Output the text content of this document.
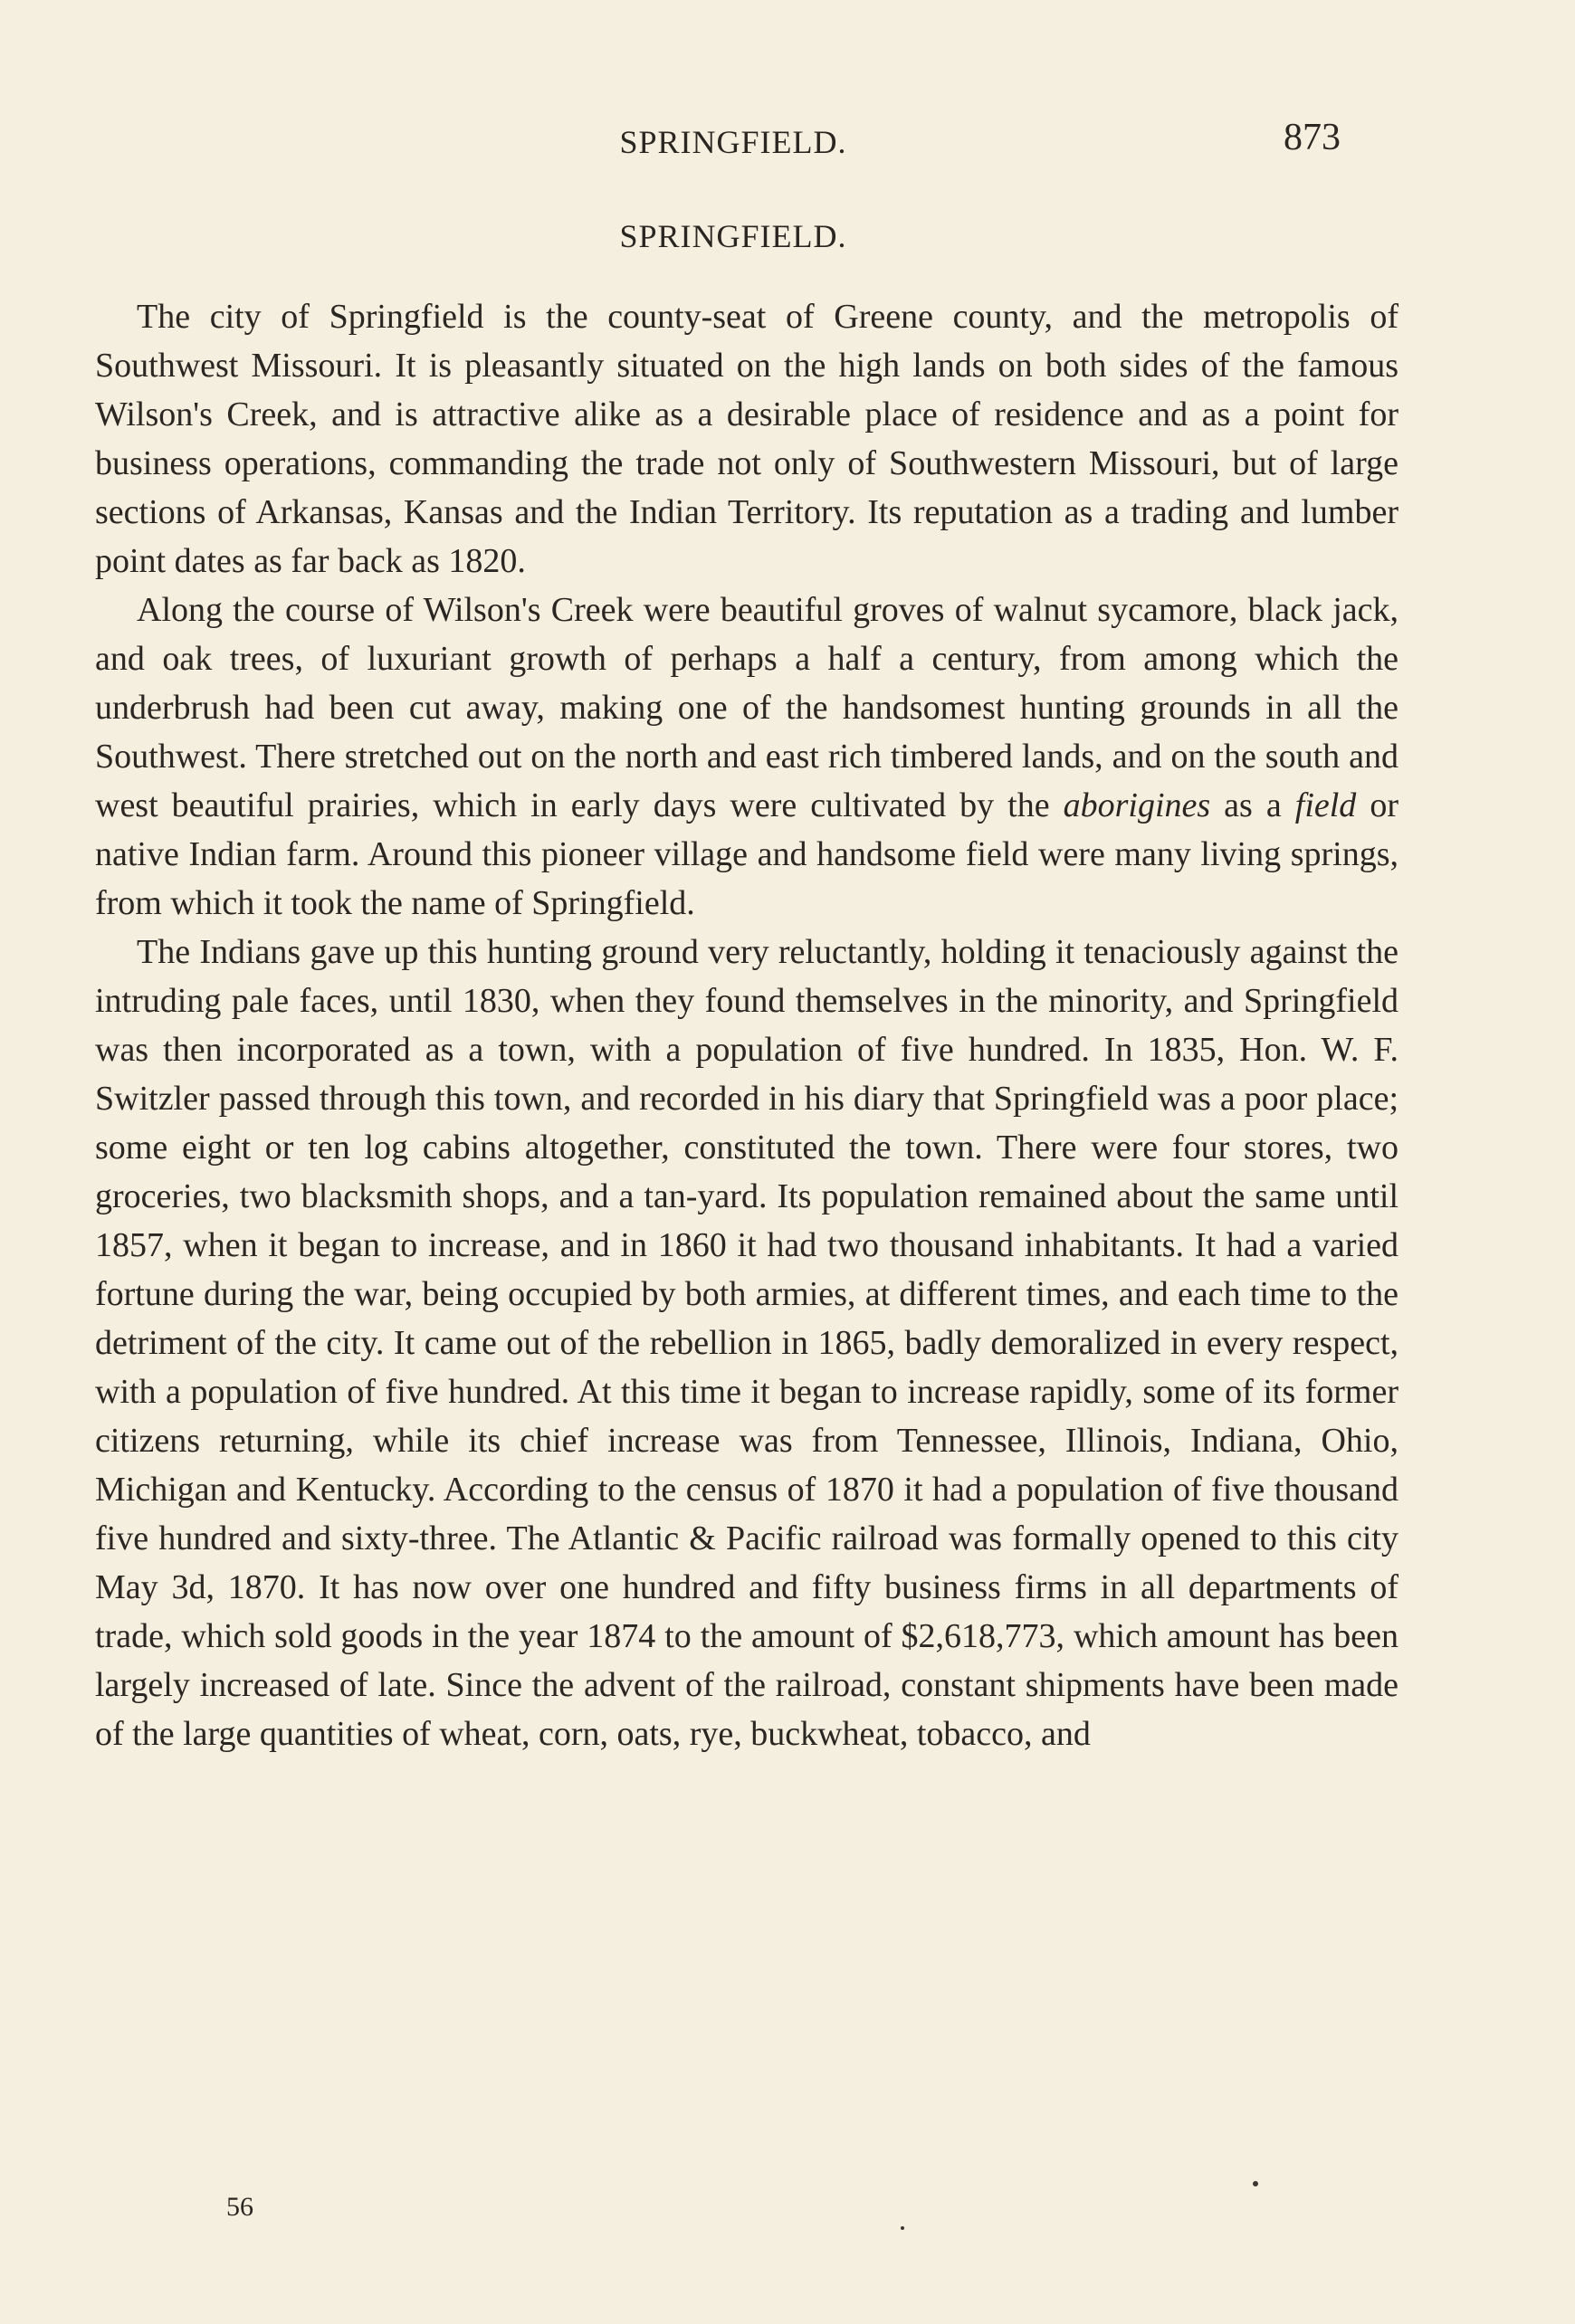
SPRINGFIELD.	873
SPRINGFIELD.

The city of Springfield is the county-seat of Greene county, and the metropolis of Southwest Missouri. It is pleasantly situated on the high lands on both sides of the famous Wilson's Creek, and is attractive alike as a desirable place of residence and as a point for business operations, commanding the trade not only of Southwestern Missouri, but of large sections of Arkansas, Kansas and the Indian Territory. Its reputation as a trading and lumber point dates as far back as 1820.

Along the course of Wilson's Creek were beautiful groves of walnut sycamore, black jack, and oak trees, of luxuriant growth of perhaps a half a century, from among which the underbrush had been cut away, making one of the handsomest hunting grounds in all the Southwest. There stretched out on the north and east rich timbered lands, and on the south and west beautiful prairies, which in early days were cultivated by the aborigines as a field or native Indian farm. Around this pioneer village and handsome field were many living springs, from which it took the name of Springfield.

The Indians gave up this hunting ground very reluctantly, holding it tenaciously against the intruding pale faces, until 1830, when they found themselves in the minority, and Springfield was then incorporated as a town, with a population of five hundred. In 1835, Hon. W. F. Switzler passed through this town, and recorded in his diary that Springfield was a poor place; some eight or ten log cabins altogether, constituted the town. There were four stores, two groceries, two blacksmith shops, and a tan-yard. Its population remained about the same until 1857, when it began to increase, and in 1860 it had two thousand inhabitants. It had a varied fortune during the war, being occupied by both armies, at different times, and each time to the detriment of the city. It came out of the rebellion in 1865, badly demoralized in every respect, with a population of five hundred. At this time it began to increase rapidly, some of its former citizens returning, while its chief increase was from Tennessee, Illinois, Indiana, Ohio, Michigan and Kentucky. According to the census of 1870 it had a population of five thousand five hundred and sixty-three. The Atlantic & Pacific railroad was formally opened to this city May 3d, 1870. It has now over one hundred and fifty business firms in all departments of trade, which sold goods in the year 1874 to the amount of $2,618,773, which amount has been largely increased of late. Since the advent of the railroad, constant shipments have been made of the large quantities of wheat, corn, oats, rye, buckwheat, tobacco, and

56
